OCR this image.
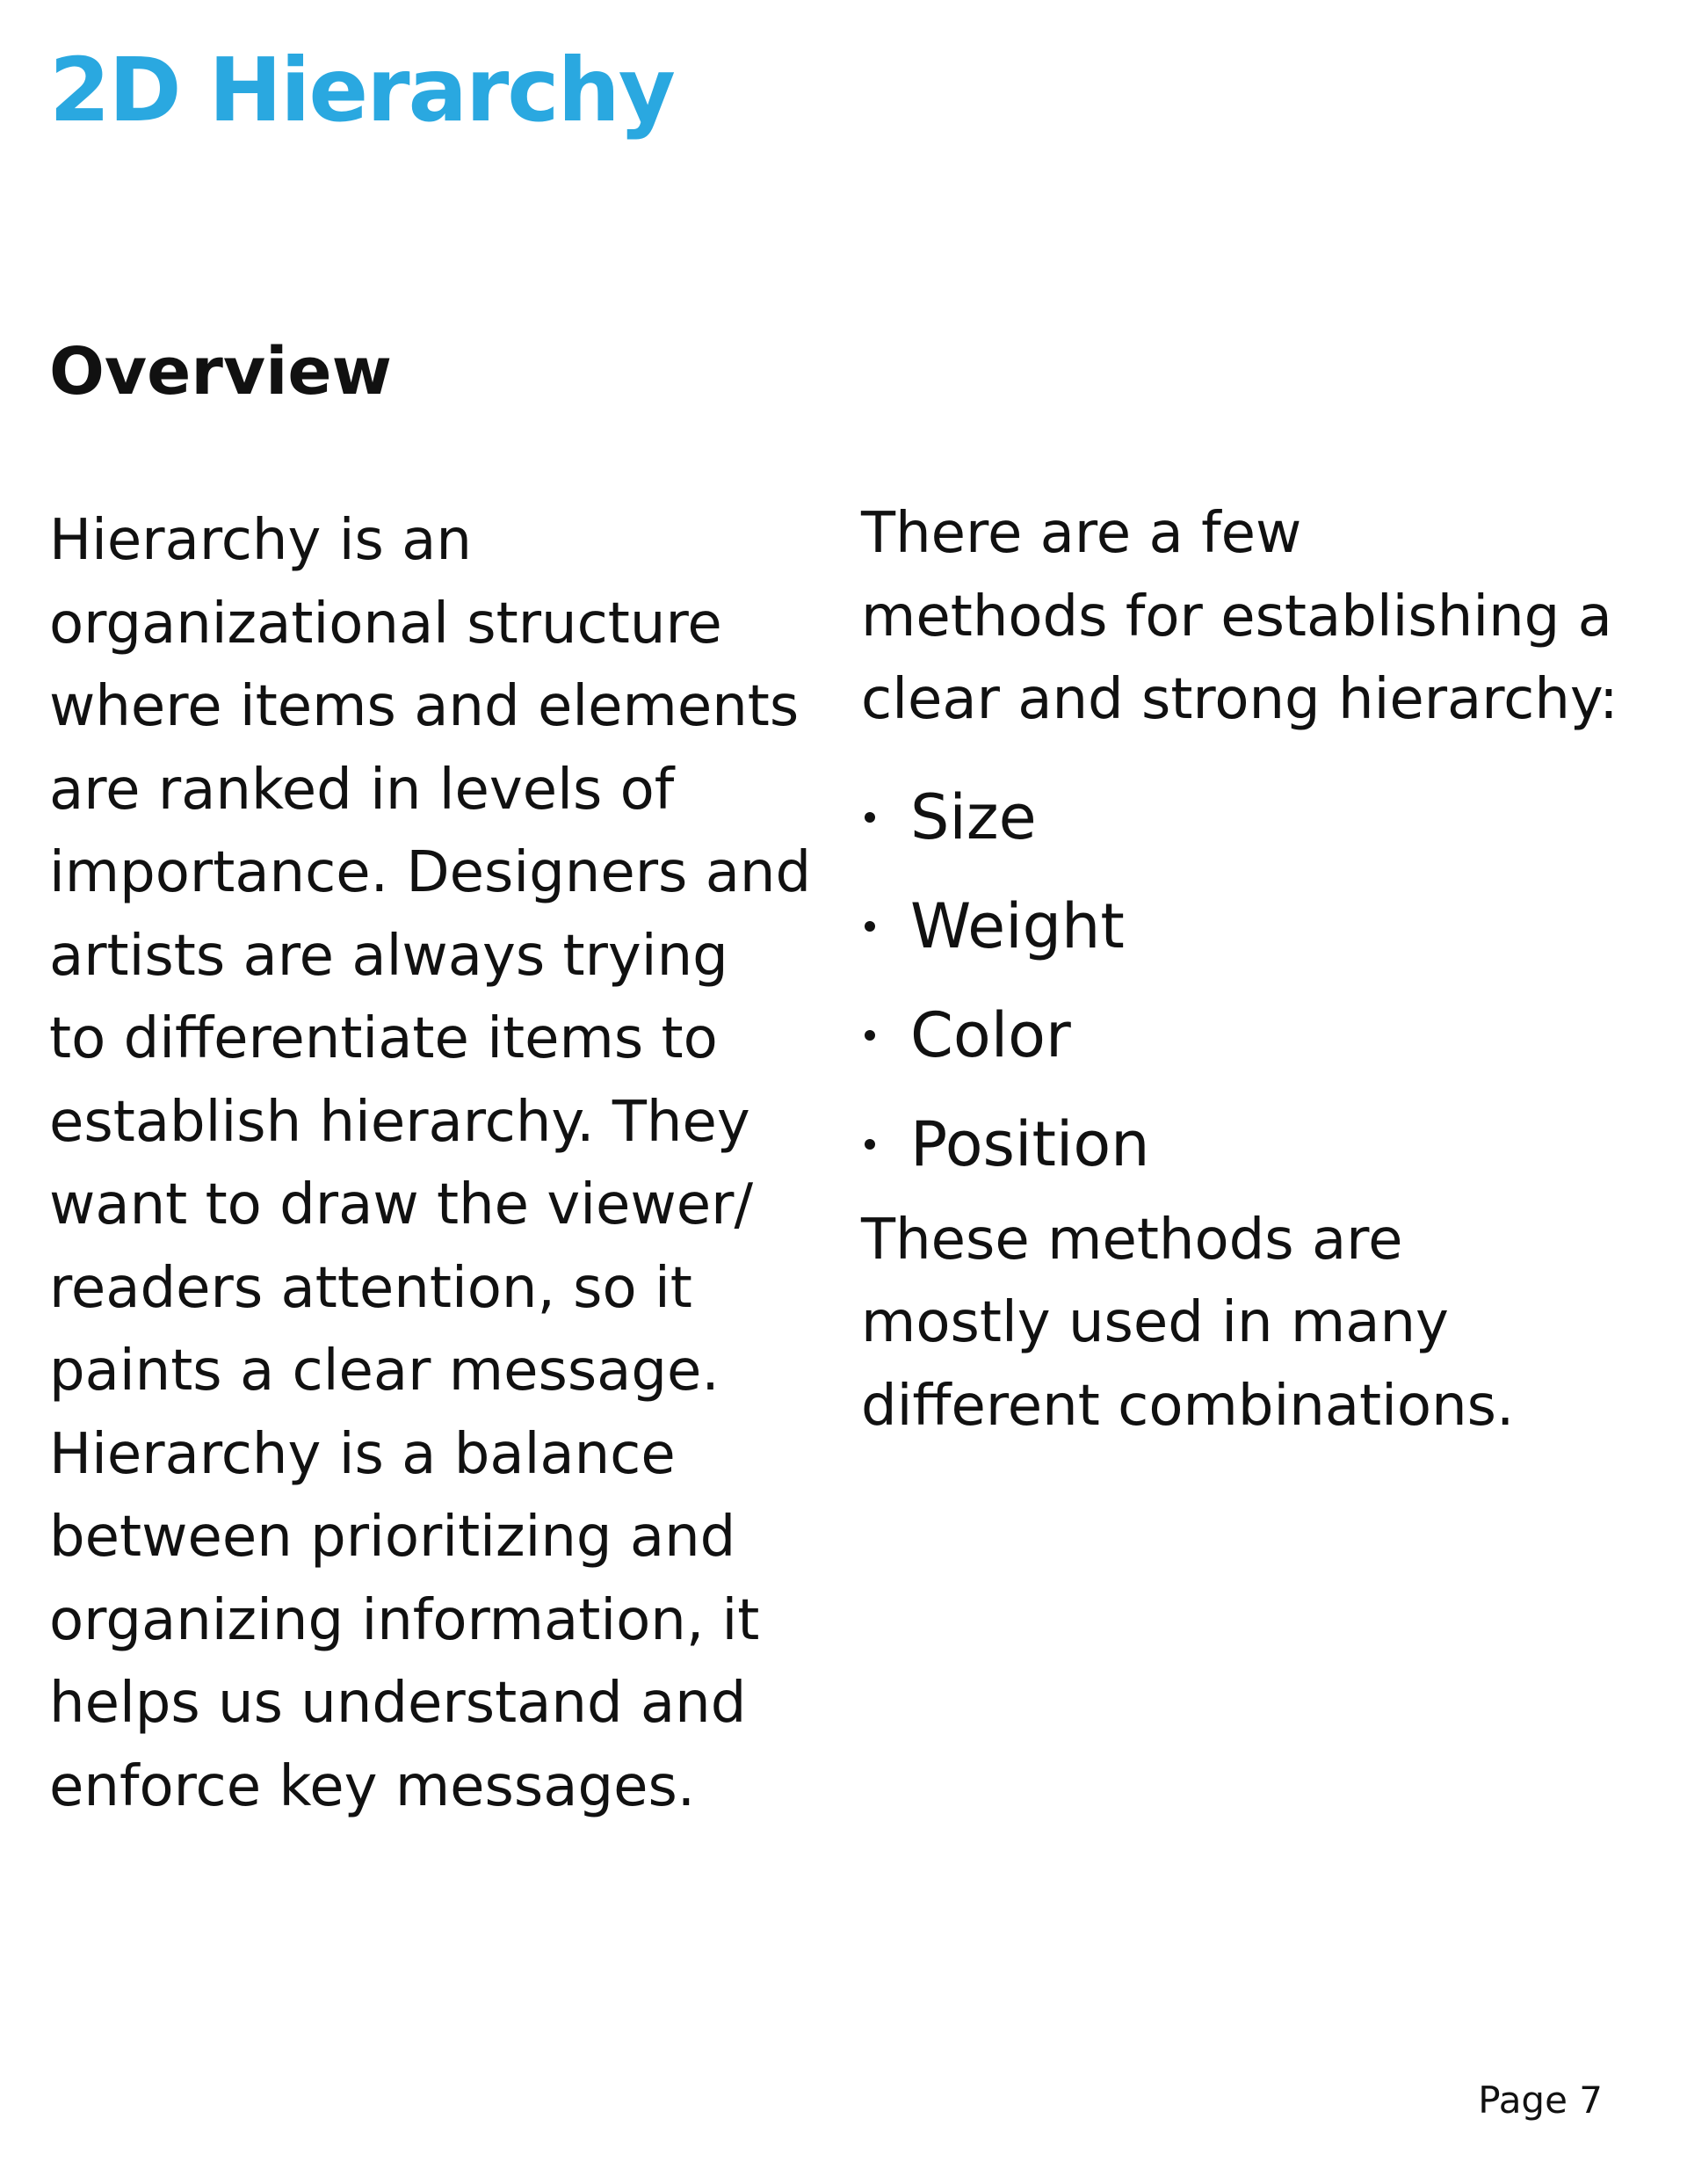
2D Hierarchy
Overview

Hierarchy is an
organizational structure
where items and elements
are ranked in levels of
importance. Designers and
artists are always trying
to differentiate items to
establish hierarchy. They
want to draw the viewer/
readers attention, so it
paints a clear message.
Hierarchy is a balance
between prioritizing and
organizing information, it
helps us understand and
enforce key messages.

There are a few
methods for establishing a
clear and strong hierarchy:

Size
Weight
Color
Position

These methods are
mostly used in many
different combinations.

Page 7
